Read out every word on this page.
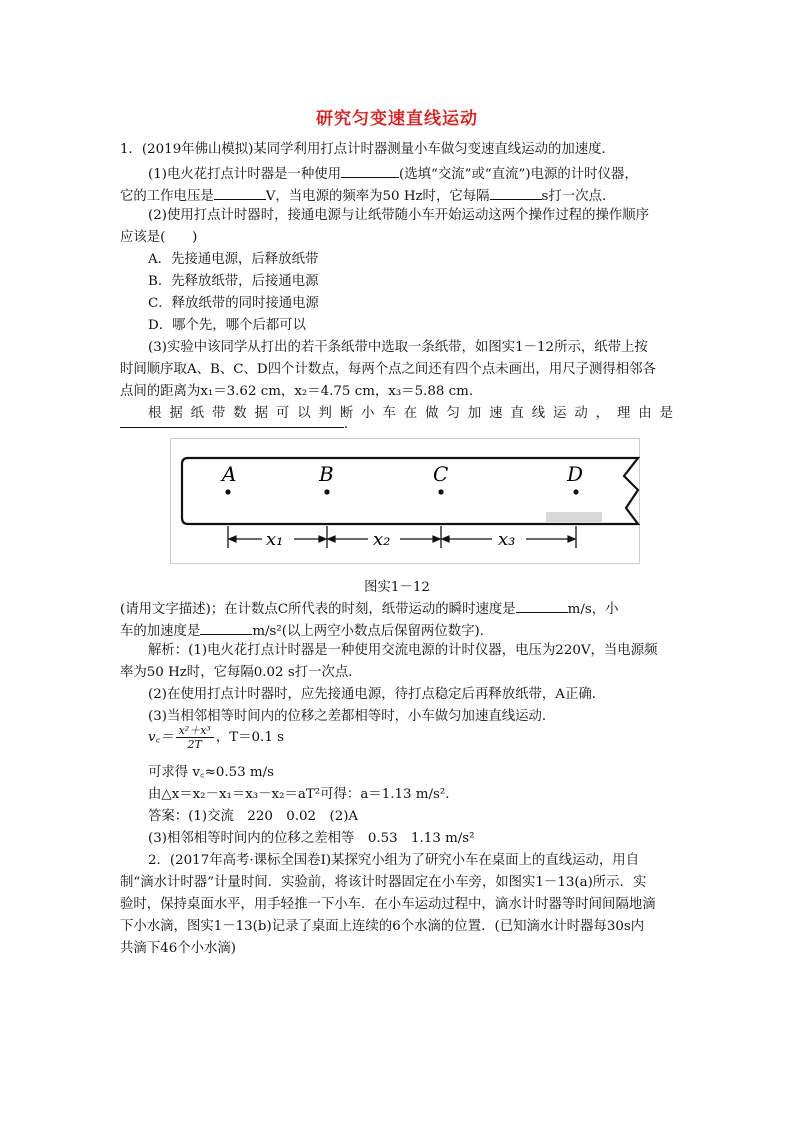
研究匀变速直线运动
1．(2019年佛山模拟)某同学利用打点计时器测量小车做匀变速直线运动的加速度．
(1)电火花打点计时器是一种使用	(选填“交流”或“直流”)电源的计时仪器，
它的工作电压是	V，当电源的频率为50 Hz时，它每隔	s打一次点．
(2)使用打点计时器时，接通电源与让纸带随小车开始运动这两个操作过程的操作顺序
应该是(　　)
A．先接通电源，后释放纸带
B．先释放纸带，后接通电源
C．释放纸带的同时接通电源
D．哪个先，哪个后都可以
(3)实验中该同学从打出的若干条纸带中选取一条纸带，如图实1－12所示，纸带上按
时间顺序取A、B、C、D四个计数点，每两个点之间还有四个点未画出，用尺子测得相邻各
点间的距离为x₁＝3.62 cm，x₂＝4.75 cm，x₃＝5.88 cm.
根据纸带数据可以判断小车在做匀加速直线运动，理由是
．
A	B	C	D
x₁	x₂	x₃
图实1－12
(请用文字描述)；在计数点C所代表的时刻，纸带运动的瞬时速度是	m/s，小
车的加速度是	m/s²(以上两空小数点后保留两位数字)．
解析：(1)电火花打点计时器是一种使用交流电源的计时仪器，电压为220V，当电源频
率为50 Hz时，它每隔0.02 s打一次点．
(2)在使用打点计时器时，应先接通电源，待打点稳定后再释放纸带，A正确．
(3)当相邻相等时间内的位移之差都相等时，小车做匀加速直线运动．
v꜀＝ $\frac{\text{x²＋x³}}{2T}$ ，T＝0.1 s
可求得 v꜀≈0.53 m/s
由△x＝x₂－x₁＝x₃－x₂＝aT²可得：a＝1.13 m/s².
答案：(1)交流　220　0.02　(2)A
(3)相邻相等时间内的位移之差相等　0.53　1.13 m/s²
2．(2017年高考·课标全国卷Ⅰ)某探究小组为了研究小车在桌面上的直线运动，用自
制“滴水计时器”计量时间．实验前，将该计时器固定在小车旁，如图实1－13(a)所示．实
验时，保持桌面水平，用手轻推一下小车．在小车运动过程中，滴水计时器等时间间隔地滴
下小水滴，图实1－13(b)记录了桌面上连续的6个水滴的位置．(已知滴水计时器每30s内
共滴下46个小水滴)
